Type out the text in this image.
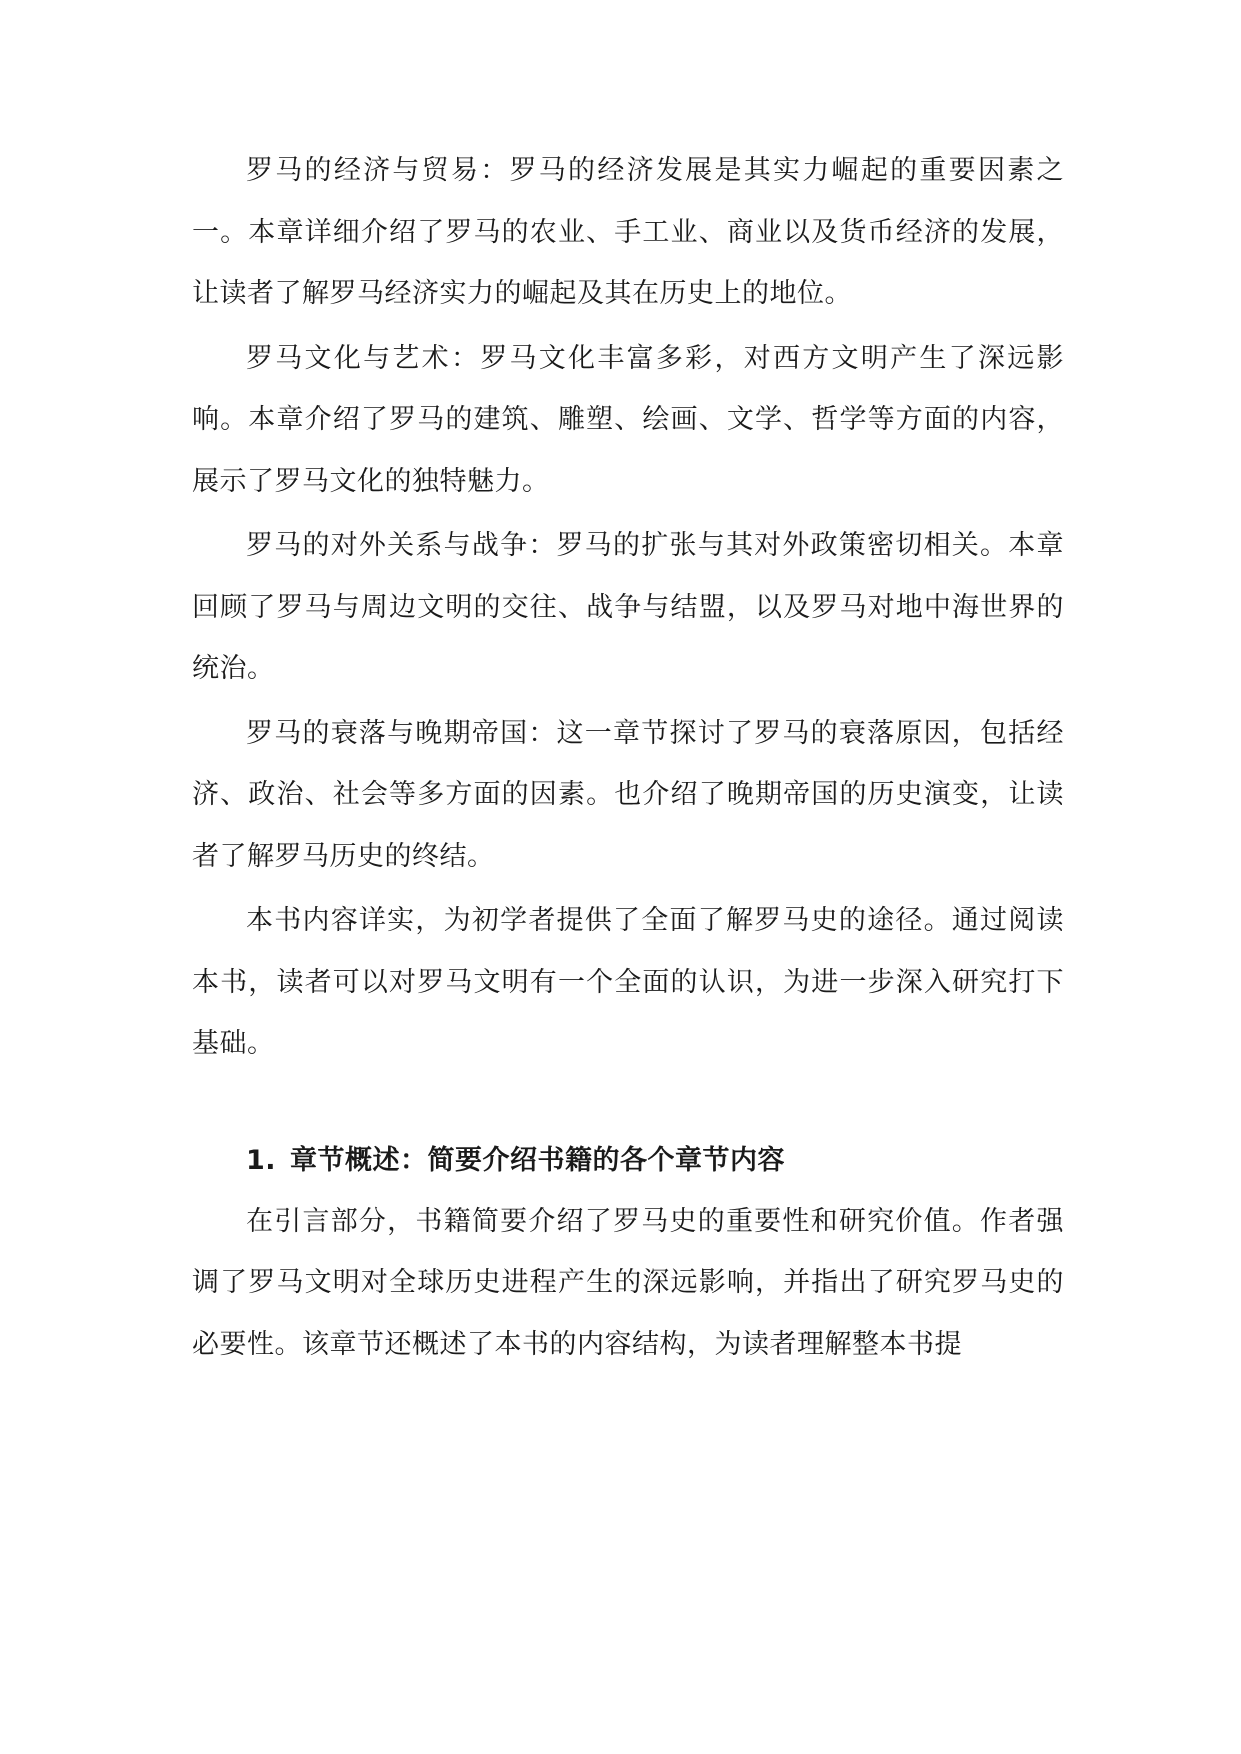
罗马的经济与贸易：罗马的经济发展是其实力崛起的重要因素之一。本章详细介绍了罗马的农业、手工业、商业以及货币经济的发展，让读者了解罗马经济实力的崛起及其在历史上的地位。

罗马文化与艺术：罗马文化丰富多彩，对西方文明产生了深远影响。本章介绍了罗马的建筑、雕塑、绘画、文学、哲学等方面的内容，展示了罗马文化的独特魅力。

罗马的对外关系与战争：罗马的扩张与其对外政策密切相关。本章回顾了罗马与周边文明的交往、战争与结盟，以及罗马对地中海世界的统治。

罗马的衰落与晚期帝国：这一章节探讨了罗马的衰落原因，包括经济、政治、社会等多方面的因素。也介绍了晚期帝国的历史演变，让读者了解罗马历史的终结。

本书内容详实，为初学者提供了全面了解罗马史的途径。通过阅读本书，读者可以对罗马文明有一个全面的认识，为进一步深入研究打下基础。

1. 章节概述：简要介绍书籍的各个章节内容

在引言部分，书籍简要介绍了罗马史的重要性和研究价值。作者强调了罗马文明对全球历史进程产生的深远影响，并指出了研究罗马史的必要性。该章节还概述了本书的内容结构，为读者理解整本书提
